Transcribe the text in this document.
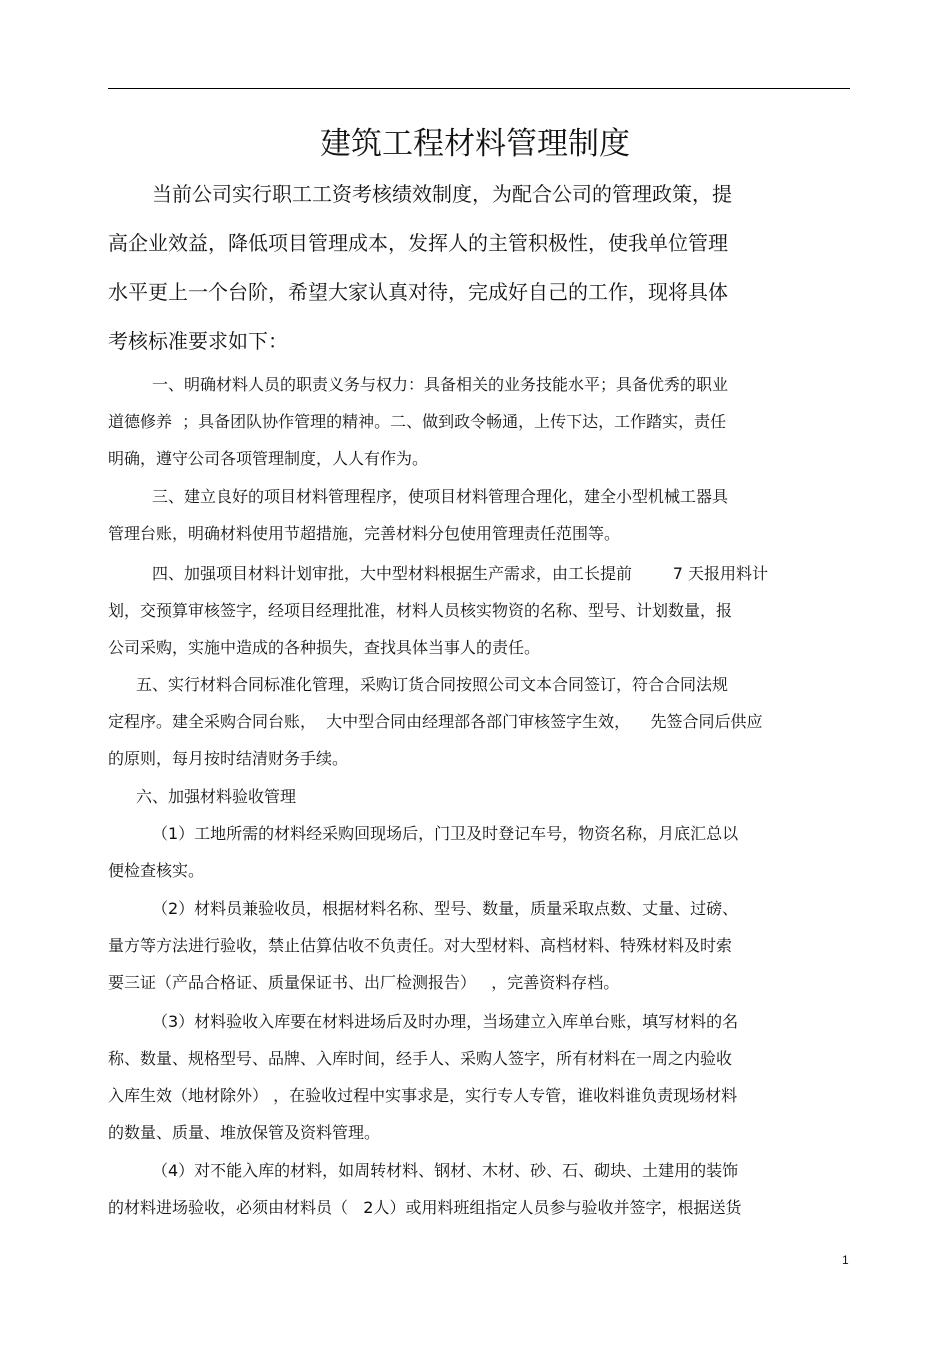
建筑工程材料管理制度
当前公司实行职工工资考核绩效制度，为配合公司的管理政策，提
高企业效益，降低项目管理成本，发挥人的主管积极性，使我单位管理
水平更上一个台阶，希望大家认真对待，完成好自己的工作，现将具体
考核标准要求如下：
一、明确材料人员的职责义务与权力：具备相关的业务技能水平；具备优秀的职业
道德修养  ；具备团队协作管理的精神。二、做到政令畅通，上传下达，工作踏实，责任
明确，遵守公司各项管理制度，人人有作为。
三、建立良好的项目材料管理程序，使项目材料管理合理化，建全小型机械工器具
管理台账，明确材料使用节超措施，完善材料分包使用管理责任范围等。
四、加强项目材料计划审批，大中型材料根据生产需求，由工长提前        7 天报用料计
划，交预算审核签字，经项目经理批准，材料人员核实物资的名称、型号、计划数量，报
公司采购，实施中造成的各种损失，查找具体当事人的责任。
五、实行材料合同标准化管理，采购订货合同按照公司文本合同签订，符合合同法规
定程序。建全采购合同台账，  大中型合同由经理部各部门审核签字生效，    先签合同后供应
的原则，每月按时结清财务手续。
六、加强材料验收管理
（1）工地所需的材料经采购回现场后，门卫及时登记车号，物资名称，月底汇总以
便检查核实。
（2）材料员兼验收员，根据材料名称、型号、数量，质量采取点数、丈量、过磅、
量方等方法进行验收，禁止估算估收不负责任。对大型材料、高档材料、特殊材料及时索
要三证（产品合格证、质量保证书、出厂检测报告）   ，完善资料存档。
（3）材料验收入库要在材料进场后及时办理，当场建立入库单台账，填写材料的名
称、数量、规格型号、品牌、入库时间，经手人、采购人签字，所有材料在一周之内验收
入库生效（地材除外） ，在验收过程中实事求是，实行专人专管，谁收料谁负责现场材料
的数量、质量、堆放保管及资料管理。
（4）对不能入库的材料，如周转材料、钢材、木材、砂、石、砌块、土建用的装饰
的材料进场验收，必须由材料员（   2人）或用料班组指定人员参与验收并签字，根据送货
1
